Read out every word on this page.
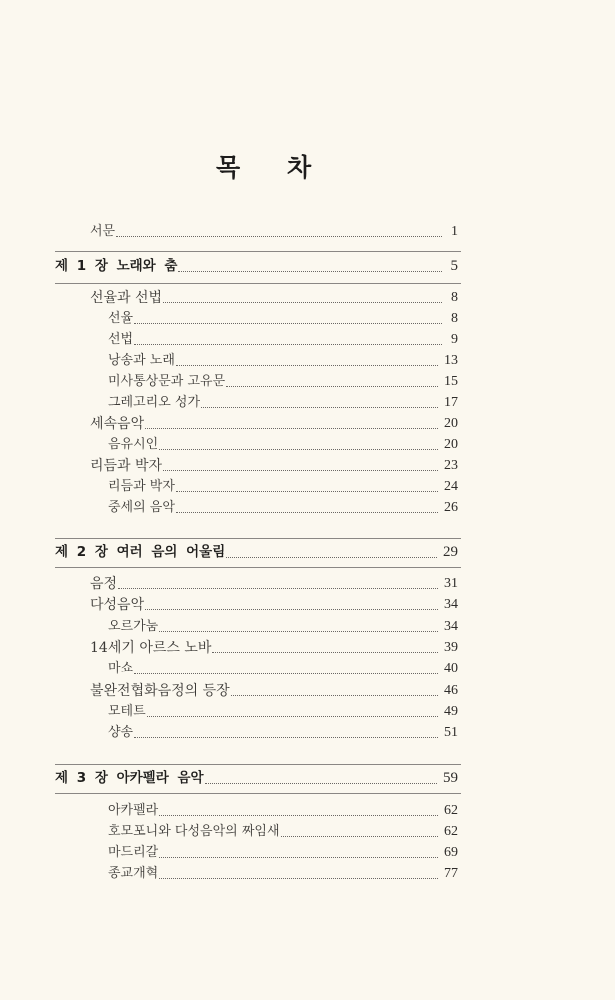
목 차
서문	1
제 1 장 노래와 춤	5
선율과 선법	8
선율	8
선법	9
낭송과 노래	13
미사통상문과 고유문	15
그레고리오 성가	17
세속음악	20
음유시인	20
리듬과 박자	23
리듬과 박자	24
중세의 음악	26
제 2 장 여러 음의 어울림	29
음정	31
다성음악	34
오르가눔	34
14세기 아르스 노바	39
마쇼	40
불완전협화음정의 등장	46
모테트	49
샹송	51
제 3 장 아카펠라 음악	59
아카펠라	62
호모포니와 다성음악의 짜임새	62
마드리갈	69
종교개혁	77
